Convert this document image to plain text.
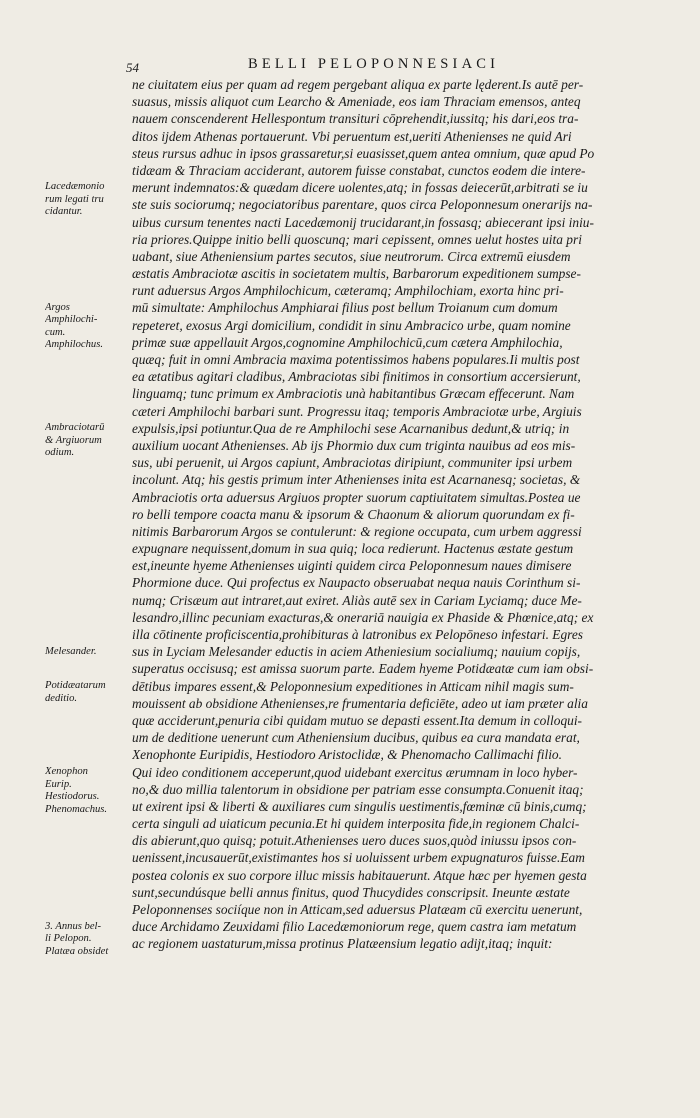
54	BELLI PELOPONNESIACI
ne ciuitatem eius per quam ad regem pergebant aliqua ex parte lęderent.Is autē per-
suasus, missis aliquot cum Learcho & Ameniade, eos iam Thraciam emensos, anteq
nauem conscenderent Hellespontum transituri cōprehendit,iussitq; his dari,eos tra-
ditos ijdem Athenas portauerunt. Vbi peruentum est,ueriti Athenienses ne quid Ari
steus rursus adhuc in ipsos grassaretur,si euasisset,quem antea omnium, quæ apud Po
tidæam & Thraciam acciderant, autorem fuisse constabat, cunctos eodem die intere-
merunt indemnatos:& quædam dicere uolentes,atq; in fossas deiecerūt,arbitrati se iu
ste suis sociorumq; negociatoribus parentare, quos circa Peloponnesum onerarijs na-
uibus cursum tenentes nacti Lacedæmonij trucidarant,in fossasq; abiecerant ipsi iniu-
ria priores.Quippe initio belli quoscunq; mari cepissent, omnes uelut hostes uita pri
uabant, siue Atheniensium partes secutos, siue neutrorum. Circa extremū eiusdem
æstatis Ambraciotæ ascitis in societatem multis, Barbarorum expeditionem sumpse-
runt aduersus Argos Amphilochicum, cæteramq; Amphilochiam, exorta hinc pri-
mū simultate: Amphilochus Amphiarai filius post bellum Troianum cum domum
repeteret, exosus Argi domicilium, condidit in sinu Ambracico urbe, quam nomine
primæ suæ appellauit Argos,cognomine Amphilochicū,cum cætera Amphilochia,
quæq; fuit in omni Ambracia maxima potentissimos habens populares.Ii multis post
ea ætatibus agitari cladibus, Ambraciotas sibi finitimos in consortium accersierunt,
linguamq; tunc primum ex Ambraciotis unà habitantibus Græcam effecerunt. Nam
cæteri Amphilochi barbari sunt. Progressu itaq; temporis Ambraciotæ urbe, Argiuis
expulsis,ipsi potiuntur.Qua de re Amphilochi sese Acarnanibus dedunt,& utriq; in
auxilium uocant Athenienses. Ab ijs Phormio dux cum triginta nauibus ad eos mis-
sus, ubi peruenit, ui Argos capiunt, Ambraciotas diripiunt, communiter ipsi urbem
incolunt. Atq; his gestis primum inter Athenienses inita est Acarnanesq; societas, &
Ambraciotis orta aduersus Argiuos propter suorum captiuitatem simultas.Postea ue
ro belli tempore coacta manu & ipsorum & Chaonum & aliorum quorundam ex fi-
nitimis Barbarorum Argos se contulerunt: & regione occupata, cum urbem aggressi
expugnare nequissent,domum in sua quiq; loca redierunt. Hactenus æstate gestum
est,ineunte hyeme Athenienses uiginti quidem circa Peloponnesum naues dimisere
Phormione duce. Qui profectus ex Naupacto obseruabat nequa nauis Corinthum si-
numq; Crisæum aut intraret,aut exiret. Aliàs autē sex in Cariam Lyciamq; duce Me-
lesandro,illinc pecuniam exacturas,& onerariā nauigia ex Phaside & Phœnice,atq; ex
illa cōtinente proficiscentia,prohibituras à latronibus ex Pelopōneso infestari. Egres
sus in Lyciam Melesander eductis in aciem Atheniesium socialiumq; nauium copijs,
superatus occisusq; est amissa suorum parte. Eadem hyeme Potidæatæ cum iam obsi-
dētibus impares essent,& Peloponnesium expeditiones in Atticam nihil magis sum-
mouissent ab obsidione Athenienses,re frumentaria deficiēte, adeo ut iam præter alia
quæ acciderunt,penuria cibi quidam mutuo se depasti essent.Ita demum in colloqui-
um de deditione uenerunt cum Atheniensium ducibus, quibus ea cura mandata erat,
Xenophonte Euripidis, Hestiodoro Aristoclidæ, & Phenomacho Callimachi filio.
Qui ideo conditionem acceperunt,quod uidebant exercitus ærumnam in loco hyber-
no,& duo millia talentorum in obsidione per patriam esse consumpta.Conuenit itaq;
ut exirent ipsi & liberti & auxiliares cum singulis uestimentis,fœminæ cū binis,cumq;
certa singuli ad uiaticum pecunia.Et hi quidem interposita fide,in regionem Chalci-
dis abierunt,quo quisq; potuit.Athenienses uero duces suos,quòd iniussu ipsos con-
uenissent,incusauerūt,existimantes hos si uoluissent urbem expugnaturos fuisse.Eam
postea colonis ex suo corpore illuc missis habitauerunt. Atque hæc per hyemen gesta
sunt,secundúsque belli annus finitus, quod Thucydides conscripsit. Ineunte æstate
Peloponnenses sociíque non in Atticam,sed aduersus Platæam cū exercitu uenerunt,
duce Archidamo Zeuxidami filio Lacedæmoniorum rege, quem castra iam metatum
ac regionem uastaturum,missa protinus Platæensium legatio adijt,itaq; inquit:
Lacedæmonio
rum legati tru
cidantur.
Argos
Amphilochi-
cum.
Amphilochus.
Ambraciotarū
& Argiuorum
odium.
Melesander.
Potidæatarum
deditio.
Xenophon
Eurip.
Hestiodorus.
Phenomachus.
3. Annus bel-
li Pelopon.
Platæa obsidet
